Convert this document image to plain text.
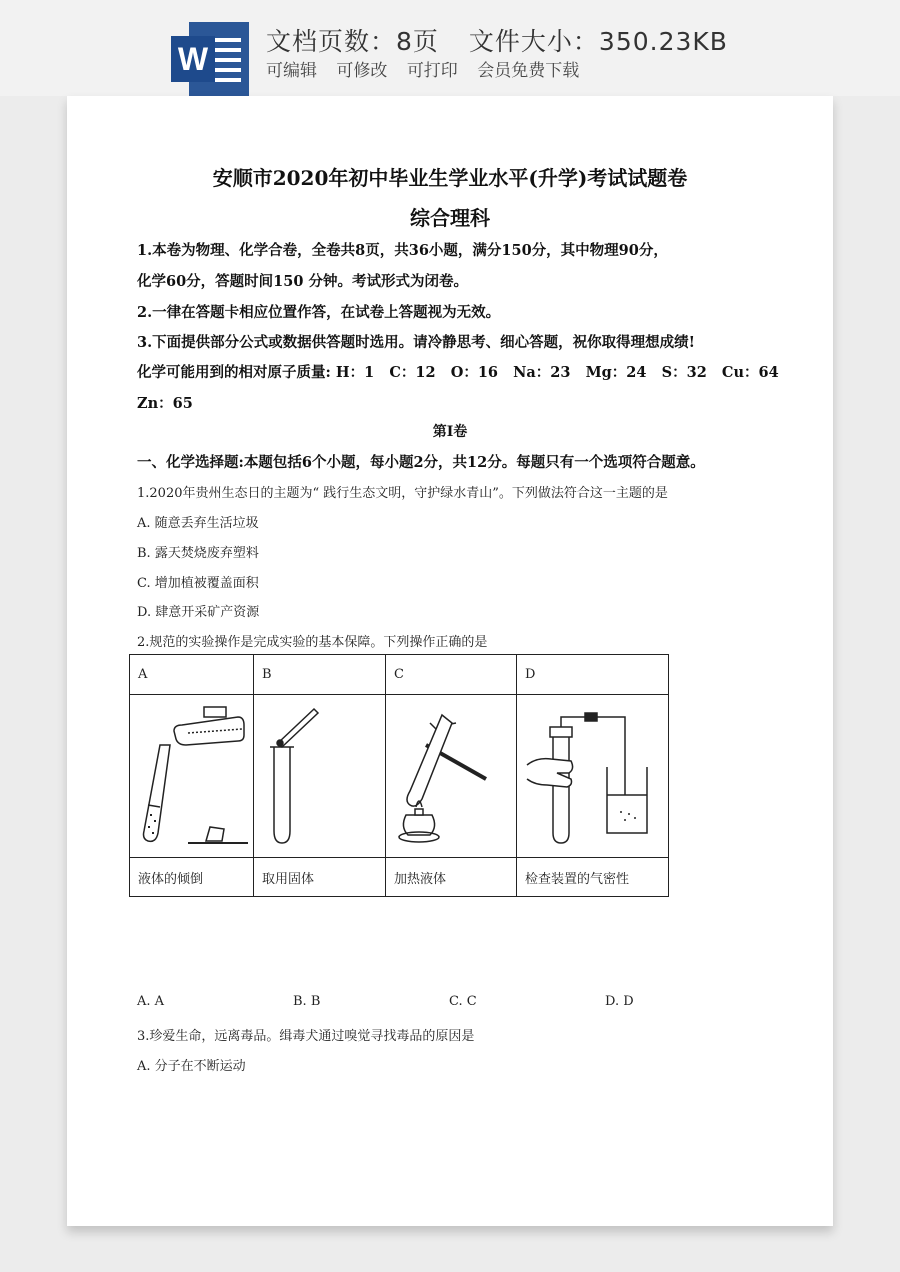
W 文档页数：8页 文件大小：350.23KB
可编辑 可修改 可打印 会员免费下载
安顺市2020年初中毕业生学业水平(升学)考试试题卷
综合理科
1.本卷为物理、化学合卷，全卷共8页，共36小题，满分150分，其中物理90分，
化学60分，答题时间150 分钟。考试形式为闭卷。
2.一律在答题卡相应位置作答，在试卷上答题视为无效。
3.下面提供部分公式或数据供答题时选用。请冷静思考、细心答题，祝你取得理想成绩!
化学可能用到的相对原子质量: H：1   C：12   O：16   Na：23   Mg：24   S：32   Cu：64
Zn：65
第I卷
一、化学选择题:本题包括6个小题，每小题2分，共12分。每题只有一个选项符合题意。
1.2020年贵州生态日的主题为“ 践行生态文明，守护绿水青山”。下列做法符合这一主题的是
A. 随意丢弃生活垃圾
B. 露天焚烧废弃塑料
C. 增加植被覆盖面积
D. 肆意开采矿产资源
2.规范的实验操作是完成实验的基本保障。下列操作正确的是
A	B	C	D

液体的倾倒	取用固体	加热液体	检查装置的气密性
A. A	B. B	C. C	D. D
3.珍爱生命，远离毒品。缉毒犬通过嗅觉寻找毒品的原因是
A. 分子在不断运动
